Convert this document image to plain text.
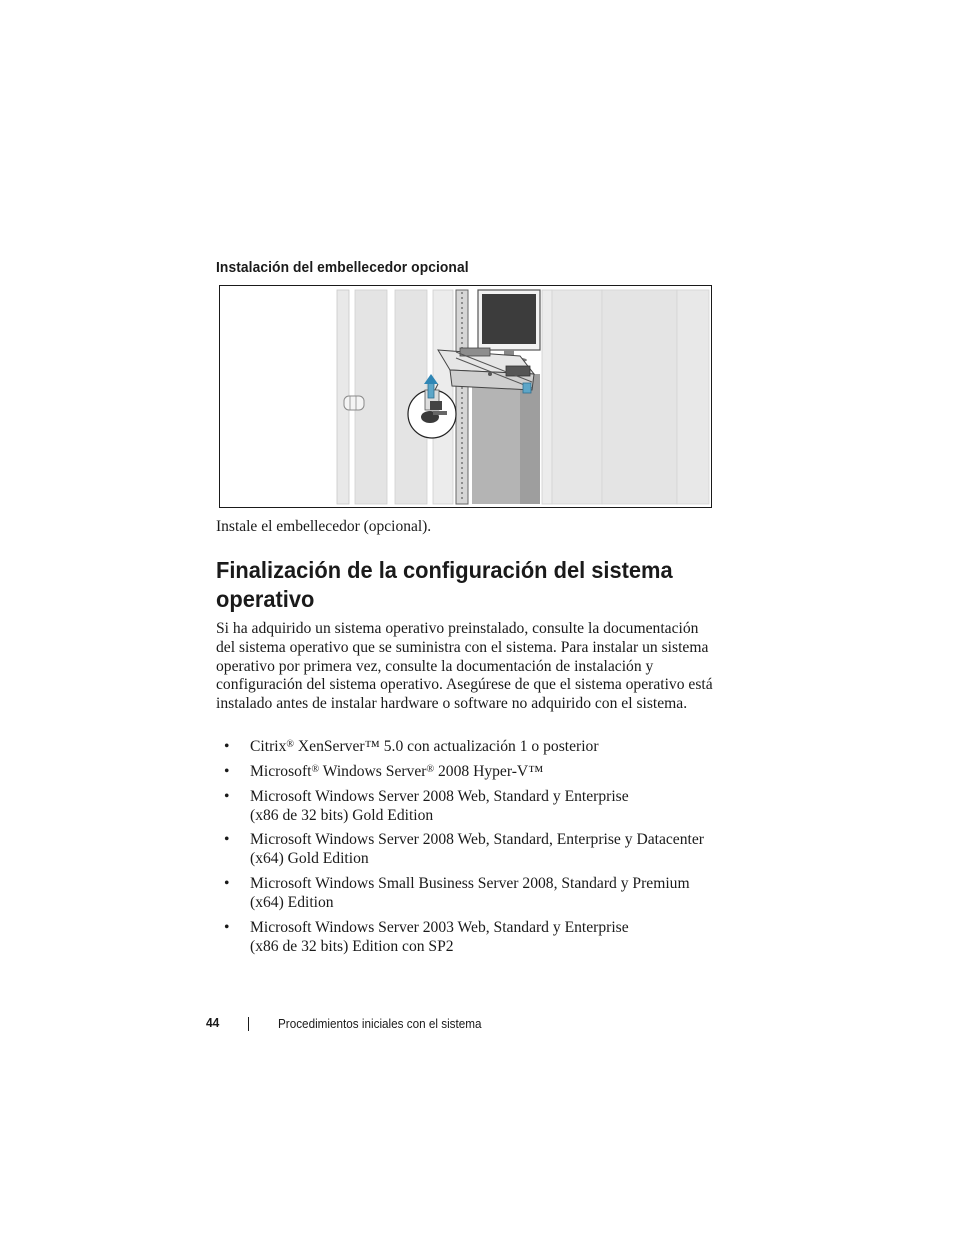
Instalación del embellecedor opcional
Instale el embellecedor (opcional).
Finalización de la configuración del sistema operativo
Si ha adquirido un sistema operativo preinstalado, consulte la documentación del sistema operativo que se suministra con el sistema. Para instalar un sistema operativo por primera vez, consulte la documentación de instalación y configuración del sistema operativo. Asegúrese de que el sistema operativo está instalado antes de instalar hardware o software no adquirido con el sistema.
• Citrix® XenServer™ 5.0 con actualización 1 o posterior
• Microsoft® Windows Server® 2008 Hyper-V™
• Microsoft Windows Server 2008 Web, Standard y Enterprise
(x86 de 32 bits) Gold Edition
• Microsoft Windows Server 2008 Web, Standard, Enterprise y Datacenter
(x64) Gold Edition
• Microsoft Windows Small Business Server 2008, Standard y Premium
(x64) Edition
• Microsoft Windows Server 2003 Web, Standard y Enterprise
(x86 de 32 bits) Edition con SP2
44	Procedimientos iniciales con el sistema
